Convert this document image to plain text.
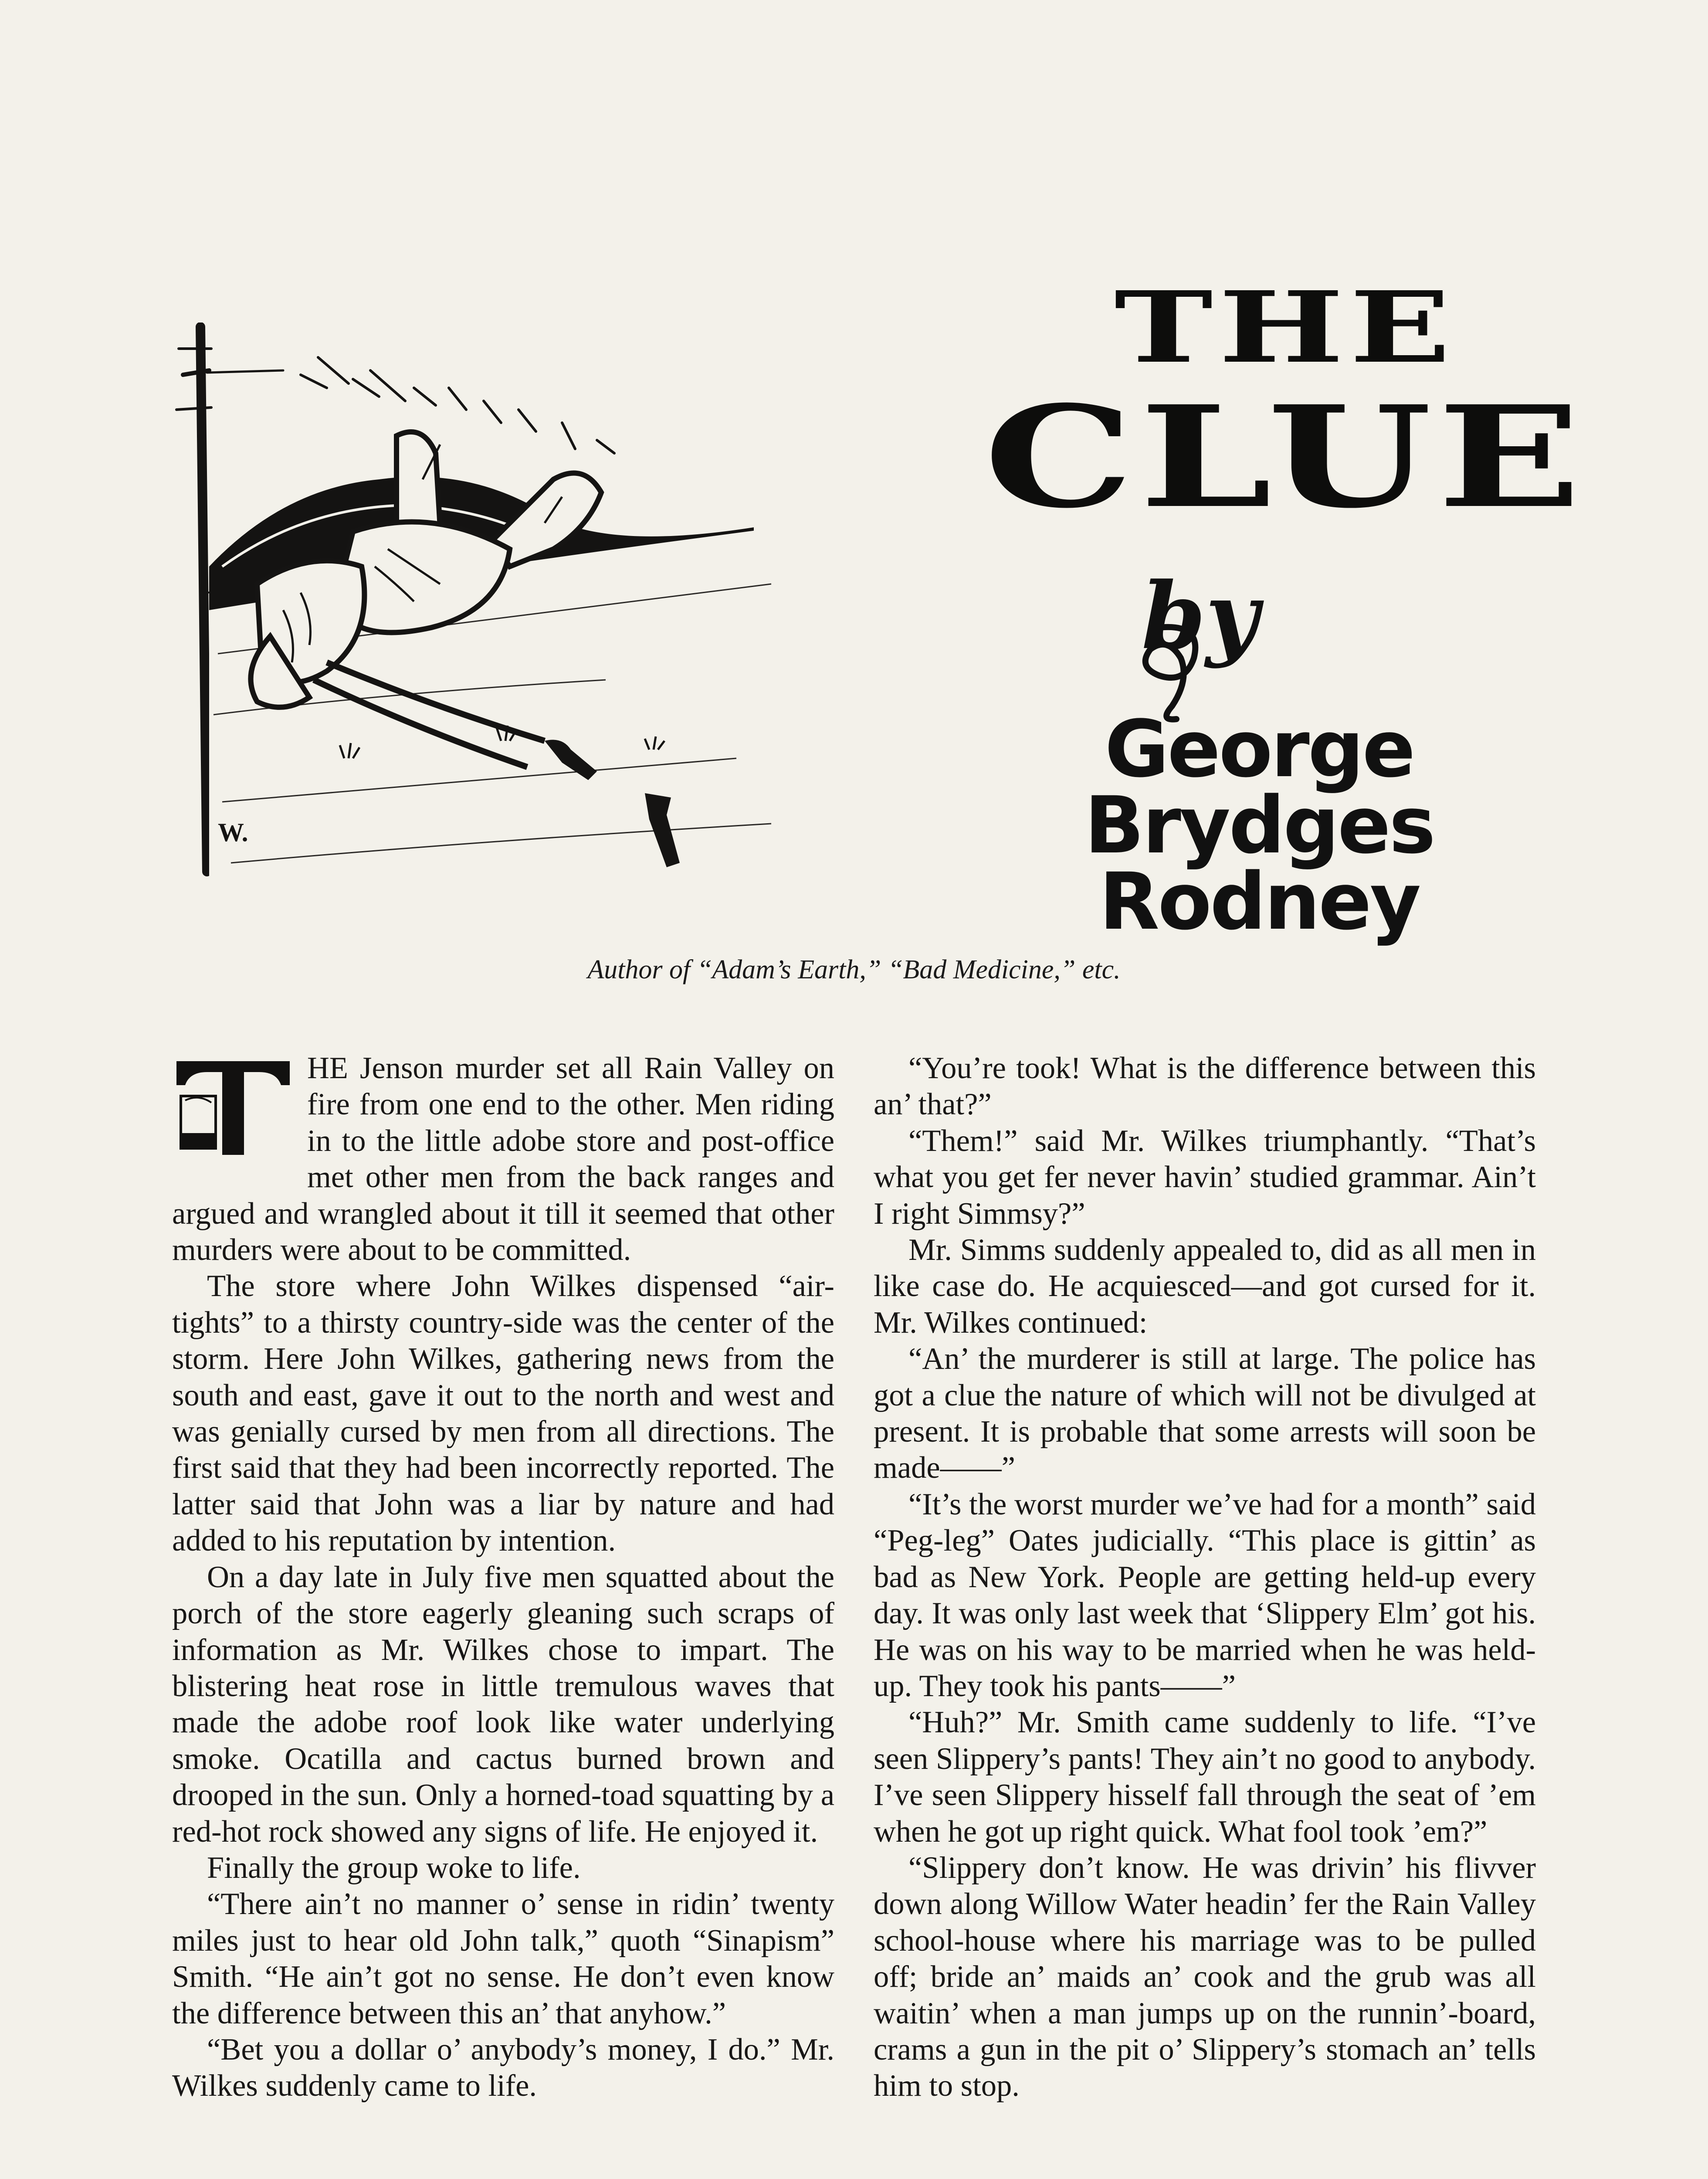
W.
THE
CLUE
by
George
Brydges
Rodney
Author of “Adam’s Earth,” “Bad Medicine,” etc.
T

HE Jenson murder set all Rain Valley on fire from one end to the other. Men riding in to the little adobe store and post-office met other men from the back ranges and argued and wrangled about it till it seemed that other murders were about to be committed.

The store where John Wilkes dispensed “air-tights” to a thirsty country-side was the center of the storm. Here John Wilkes, gathering news from the south and east, gave it out to the north and west and was genially cursed by men from all directions. The first said that they had been incorrectly reported. The latter said that John was a liar by nature and had added to his reputation by intention.

On a day late in July five men squatted about the porch of the store eagerly gleaning such scraps of information as Mr. Wilkes chose to impart. The blistering heat rose in little tremulous waves that made the adobe roof look like water underlying smoke. Ocatilla and cactus burned brown and drooped in the sun. Only a horned-toad squatting by a red-hot rock showed any signs of life. He enjoyed it.

Finally the group woke to life.

“There ain’t no manner o’ sense in ridin’ twenty miles just to hear old John talk,” quoth “Sinapism” Smith. “He ain’t got no sense. He don’t even know the difference between this an’ that anyhow.”

“Bet you a dollar o’ anybody’s money, I do.” Mr. Wilkes suddenly came to life.

“You’re took! What is the difference between this an’ that?”

“Them!” said Mr. Wilkes triumphantly. “That’s what you get fer never havin’ studied grammar. Ain’t I right Simmsy?”

Mr. Simms suddenly appealed to, did as all men in like case do. He acquiesced—and got cursed for it. Mr. Wilkes continued:

“An’ the murderer is still at large. The police has got a clue the nature of which will not be divulged at present. It is probable that some arrests will soon be made——”

“It’s the worst murder we’ve had for a month” said “Peg-leg” Oates judicially. “This place is gittin’ as bad as New York. People are getting held-up every day. It was only last week that ‘Slippery Elm’ got his. He was on his way to be married when he was held-up. They took his pants——”

“Huh?” Mr. Smith came suddenly to life. “I’ve seen Slippery’s pants! They ain’t no good to anybody. I’ve seen Slippery hisself fall through the seat of ’em when he got up right quick. What fool took ’em?”

“Slippery don’t know. He was drivin’ his flivver down along Willow Water headin’ fer the Rain Valley school-house where his marriage was to be pulled off; bride an’ maids an’ cook and the grub was all waitin’ when a man jumps up on the runnin’-board, crams a gun in the pit o’ Slippery’s stomach an’ tells him to stop.
